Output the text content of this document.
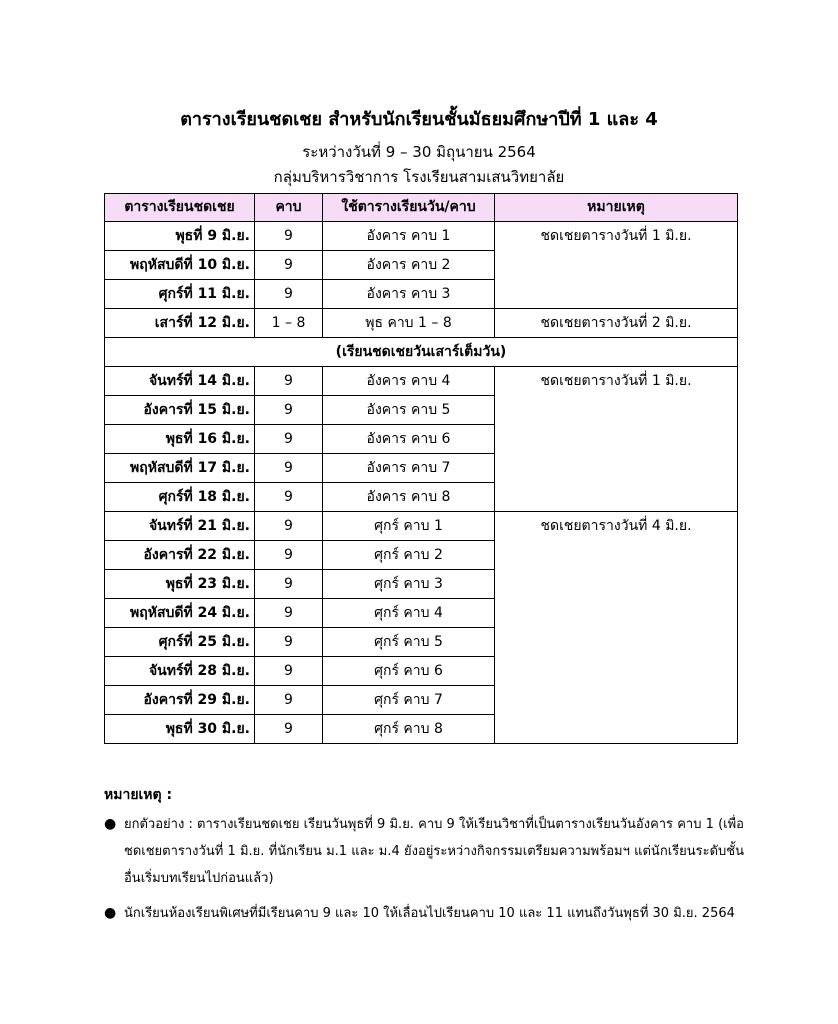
ตารางเรียนชดเชย สำหรับนักเรียนชั้นมัธยมศึกษาปีที่ 1 และ 4
ระหว่างวันที่ 9 – 30 มิถุนายน 2564
กลุ่มบริหารวิชาการ โรงเรียนสามเสนวิทยาลัย
ตารางเรียนชดเชย	คาบ	ใช้ตารางเรียนวัน/คาบ	หมายเหตุ
พุธที่ 9 มิ.ย.	9	อังคาร คาบ 1	ชดเชยตารางวันที่ 1 มิ.ย.
พฤหัสบดีที่ 10 มิ.ย.	9	อังคาร คาบ 2	
ศุกร์ที่ 11 มิ.ย.	9	อังคาร คาบ 3	
เสาร์ที่ 12 มิ.ย.	1 – 8	พุธ คาบ 1 – 8	ชดเชยตารางวันที่ 2 มิ.ย.
(เรียนชดเชยวันเสาร์เต็มวัน)			
จันทร์ที่ 14 มิ.ย.	9	อังคาร คาบ 4	ชดเชยตารางวันที่ 1 มิ.ย.
อังคารที่ 15 มิ.ย.	9	อังคาร คาบ 5	
พุธที่ 16 มิ.ย.	9	อังคาร คาบ 6	
พฤหัสบดีที่ 17 มิ.ย.	9	อังคาร คาบ 7	
ศุกร์ที่ 18 มิ.ย.	9	อังคาร คาบ 8	
จันทร์ที่ 21 มิ.ย.	9	ศุกร์ คาบ 1	ชดเชยตารางวันที่ 4 มิ.ย.
อังคารที่ 22 มิ.ย.	9	ศุกร์ คาบ 2	
พุธที่ 23 มิ.ย.	9	ศุกร์ คาบ 3	
พฤหัสบดีที่ 24 มิ.ย.	9	ศุกร์ คาบ 4	
ศุกร์ที่ 25 มิ.ย.	9	ศุกร์ คาบ 5	
จันทร์ที่ 28 มิ.ย.	9	ศุกร์ คาบ 6	
อังคารที่ 29 มิ.ย.	9	ศุกร์ คาบ 7	
พุธที่ 30 มิ.ย.	9	ศุกร์ คาบ 8	
หมายเหตุ :
● ยกตัวอย่าง : ตารางเรียนชดเชย เรียนวันพุธที่ 9 มิ.ย. คาบ 9 ให้เรียนวิชาที่เป็นตารางเรียนวันอังคาร คาบ 1 (เพื่อชดเชยตารางวันที่ 1 มิ.ย. ที่นักเรียน ม.1 และ ม.4 ยังอยู่ระหว่างกิจกรรมเตรียมความพร้อมฯ แต่นักเรียนระดับชั้นอื่นเริ่มบทเรียนไปก่อนแล้ว)
● นักเรียนห้องเรียนพิเศษที่มีเรียนคาบ 9 และ 10 ให้เลื่อนไปเรียนคาบ 10 และ 11 แทนถึงวันพุธที่ 30 มิ.ย. 2564
